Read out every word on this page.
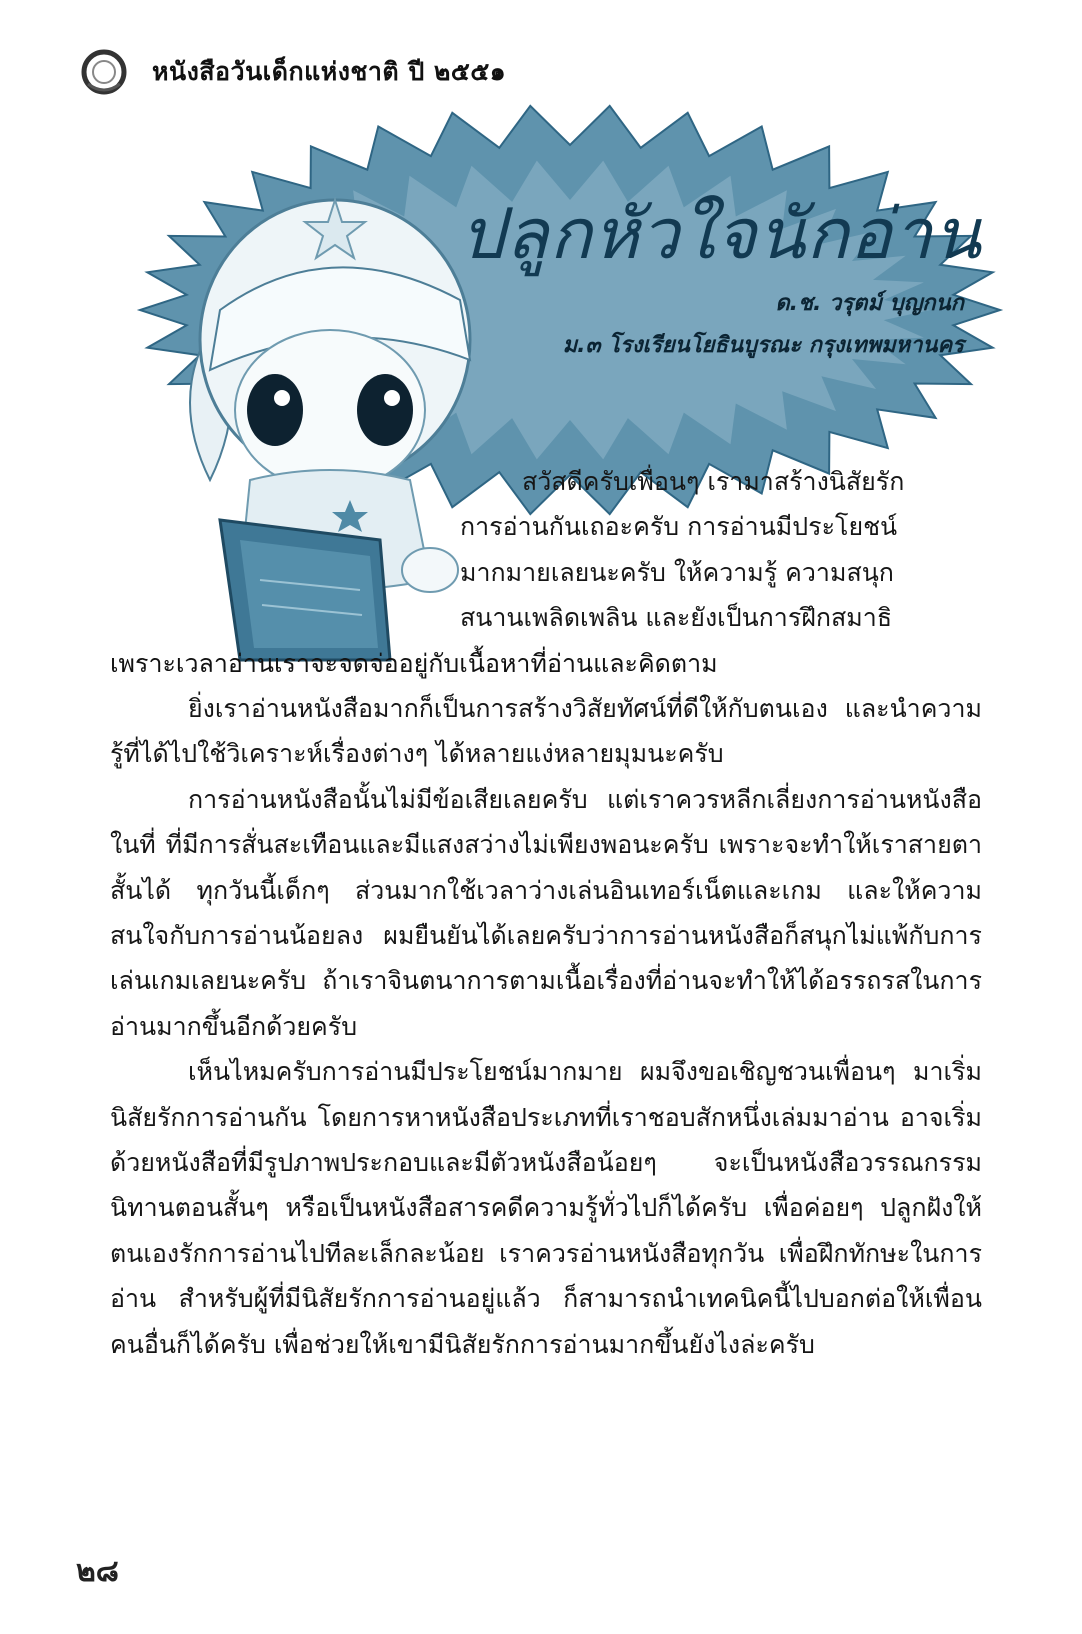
หนังสือวันเด็กแห่งชาติ ปี ๒๕๕๑
ปลูกหัวใจนักอ่าน
ด.ช. วรุตม์ บุญกนก
ม.๓ โรงเรียนโยธินบูรณะ กรุงเทพมหานคร
สวัสดีครับเพื่อนๆ เรามาสร้างนิสัยรัก
การอ่านกันเถอะครับ การอ่านมีประโยชน์
มากมายเลยนะครับ ให้ความรู้ ความสนุก
สนานเพลิดเพลิน และยังเป็นการฝึกสมาธิ
เพราะเวลาอ่านเราจะจดจ่ออยู่กับเนื้อหาที่อ่านและคิดตาม

ยิ่งเราอ่านหนังสือมากก็เป็นการสร้างวิสัยทัศน์ที่ดีให้กับตนเอง และนำความรู้ที่ได้ไปใช้วิเคราะห์เรื่องต่างๆ ได้หลายแง่หลายมุมนะครับ

การอ่านหนังสือนั้นไม่มีข้อเสียเลยครับ แต่เราควรหลีกเลี่ยงการอ่านหนังสือในที่ ที่มีการสั่นสะเทือนและมีแสงสว่างไม่เพียงพอนะครับ เพราะจะทำให้เราสายตาสั้นได้ ทุกวันนี้เด็กๆ ส่วนมากใช้เวลาว่างเล่นอินเทอร์เน็ตและเกม และให้ความสนใจกับการอ่านน้อยลง ผมยืนยันได้เลยครับว่าการอ่านหนังสือก็สนุกไม่แพ้กับการเล่นเกมเลยนะครับ ถ้าเราจินตนาการตามเนื้อเรื่องที่อ่านจะทำให้ได้อรรถรสในการอ่านมากขึ้นอีกด้วยครับ

เห็นไหมครับการอ่านมีประโยชน์มากมาย ผมจึงขอเชิญชวนเพื่อนๆ มาเริ่มนิสัยรักการอ่านกัน โดยการหาหนังสือประเภทที่เราชอบสักหนึ่งเล่มมาอ่าน อาจเริ่มด้วยหนังสือที่มีรูปภาพประกอบและมีตัวหนังสือน้อยๆ จะเป็นหนังสือวรรณกรรม นิทานตอนสั้นๆ หรือเป็นหนังสือสารคดีความรู้ทั่วไปก็ได้ครับ เพื่อค่อยๆ ปลูกฝังให้ตนเองรักการอ่านไปทีละเล็กละน้อย เราควรอ่านหนังสือทุกวัน เพื่อฝึกทักษะในการอ่าน สำหรับผู้ที่มีนิสัยรักการอ่านอยู่แล้ว ก็สามารถนำเทคนิคนี้ไปบอกต่อให้เพื่อนคนอื่นก็ได้ครับ เพื่อช่วยให้เขามีนิสัยรักการอ่านมากขึ้นยังไงล่ะครับ

๒๘
